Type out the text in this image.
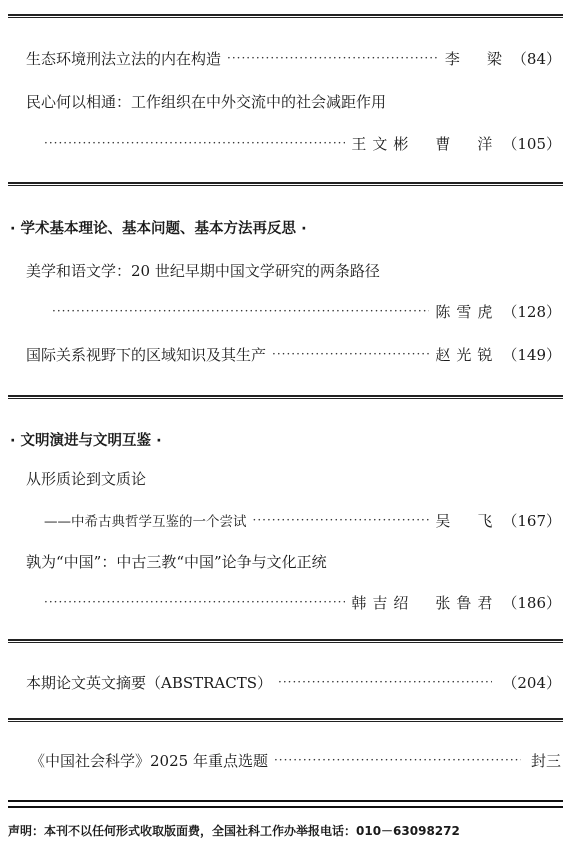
生态环境刑法立法的内在构造 ·····	李　梁 （84）
民心何以相通：工作组织在中外交流中的社会减距作用
·····
王文彬　曹　洋 （105）
· 学术基本理论、基本问题、基本方法再反思 ·
美学和语文学：20 世纪早期中国文学研究的两条路径
·····
陈雪虎 （128）
国际关系视野下的区域知识及其生产 ·····	赵光锐 （149）
· 文明演进与文明互鉴 ·
从形质论到文质论
——中希古典哲学互鉴的一个尝试 ·····	吴　飞 （167）
孰为“中国”：中古三教“中国”论争与文化正统
·····
韩吉绍　张鲁君 （186）
本期论文英文摘要（ABSTRACTS） ·····	（204）
《中国社会科学》2025 年重点选题 ·····	封三
声明：本刊不以任何形式收取版面费，全国社科工作办举报电话：010－63098272
